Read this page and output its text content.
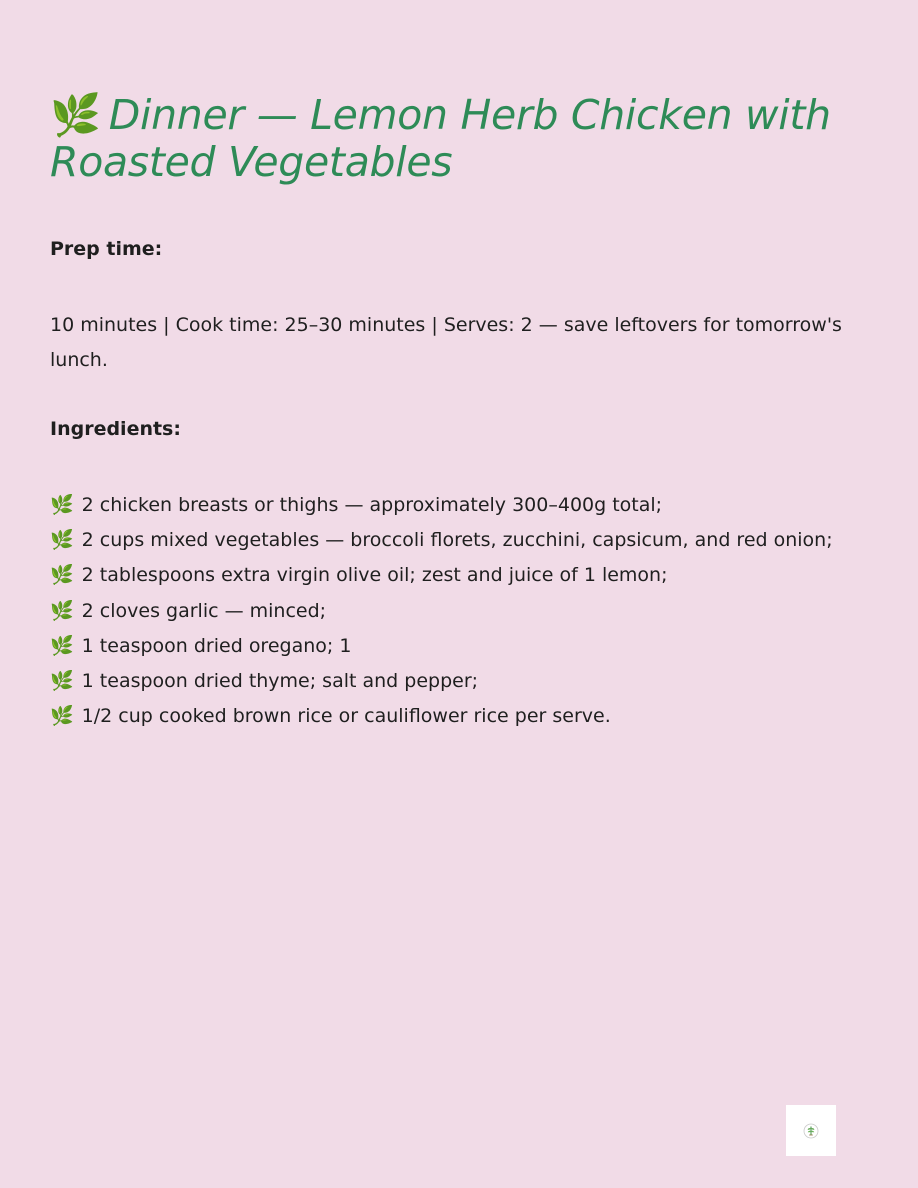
🌿 Dinner — Lemon Herb Chicken with Roasted Vegetables

Prep time:

10 minutes | Cook time: 25–30 minutes | Serves: 2 — save leftovers for tomorrow's lunch.

Ingredients:

🌿 2 chicken breasts or thighs — approximately 300–400g total;
🌿 2 cups mixed vegetables — broccoli florets, zucchini, capsicum, and red onion;
🌿 2 tablespoons extra virgin olive oil; zest and juice of 1 lemon;
🌿 2 cloves garlic — minced;
🌿 1 teaspoon dried oregano; 1
🌿 1 teaspoon dried thyme; salt and pepper;
🌿 1/2 cup cooked brown rice or cauliflower rice per serve.
